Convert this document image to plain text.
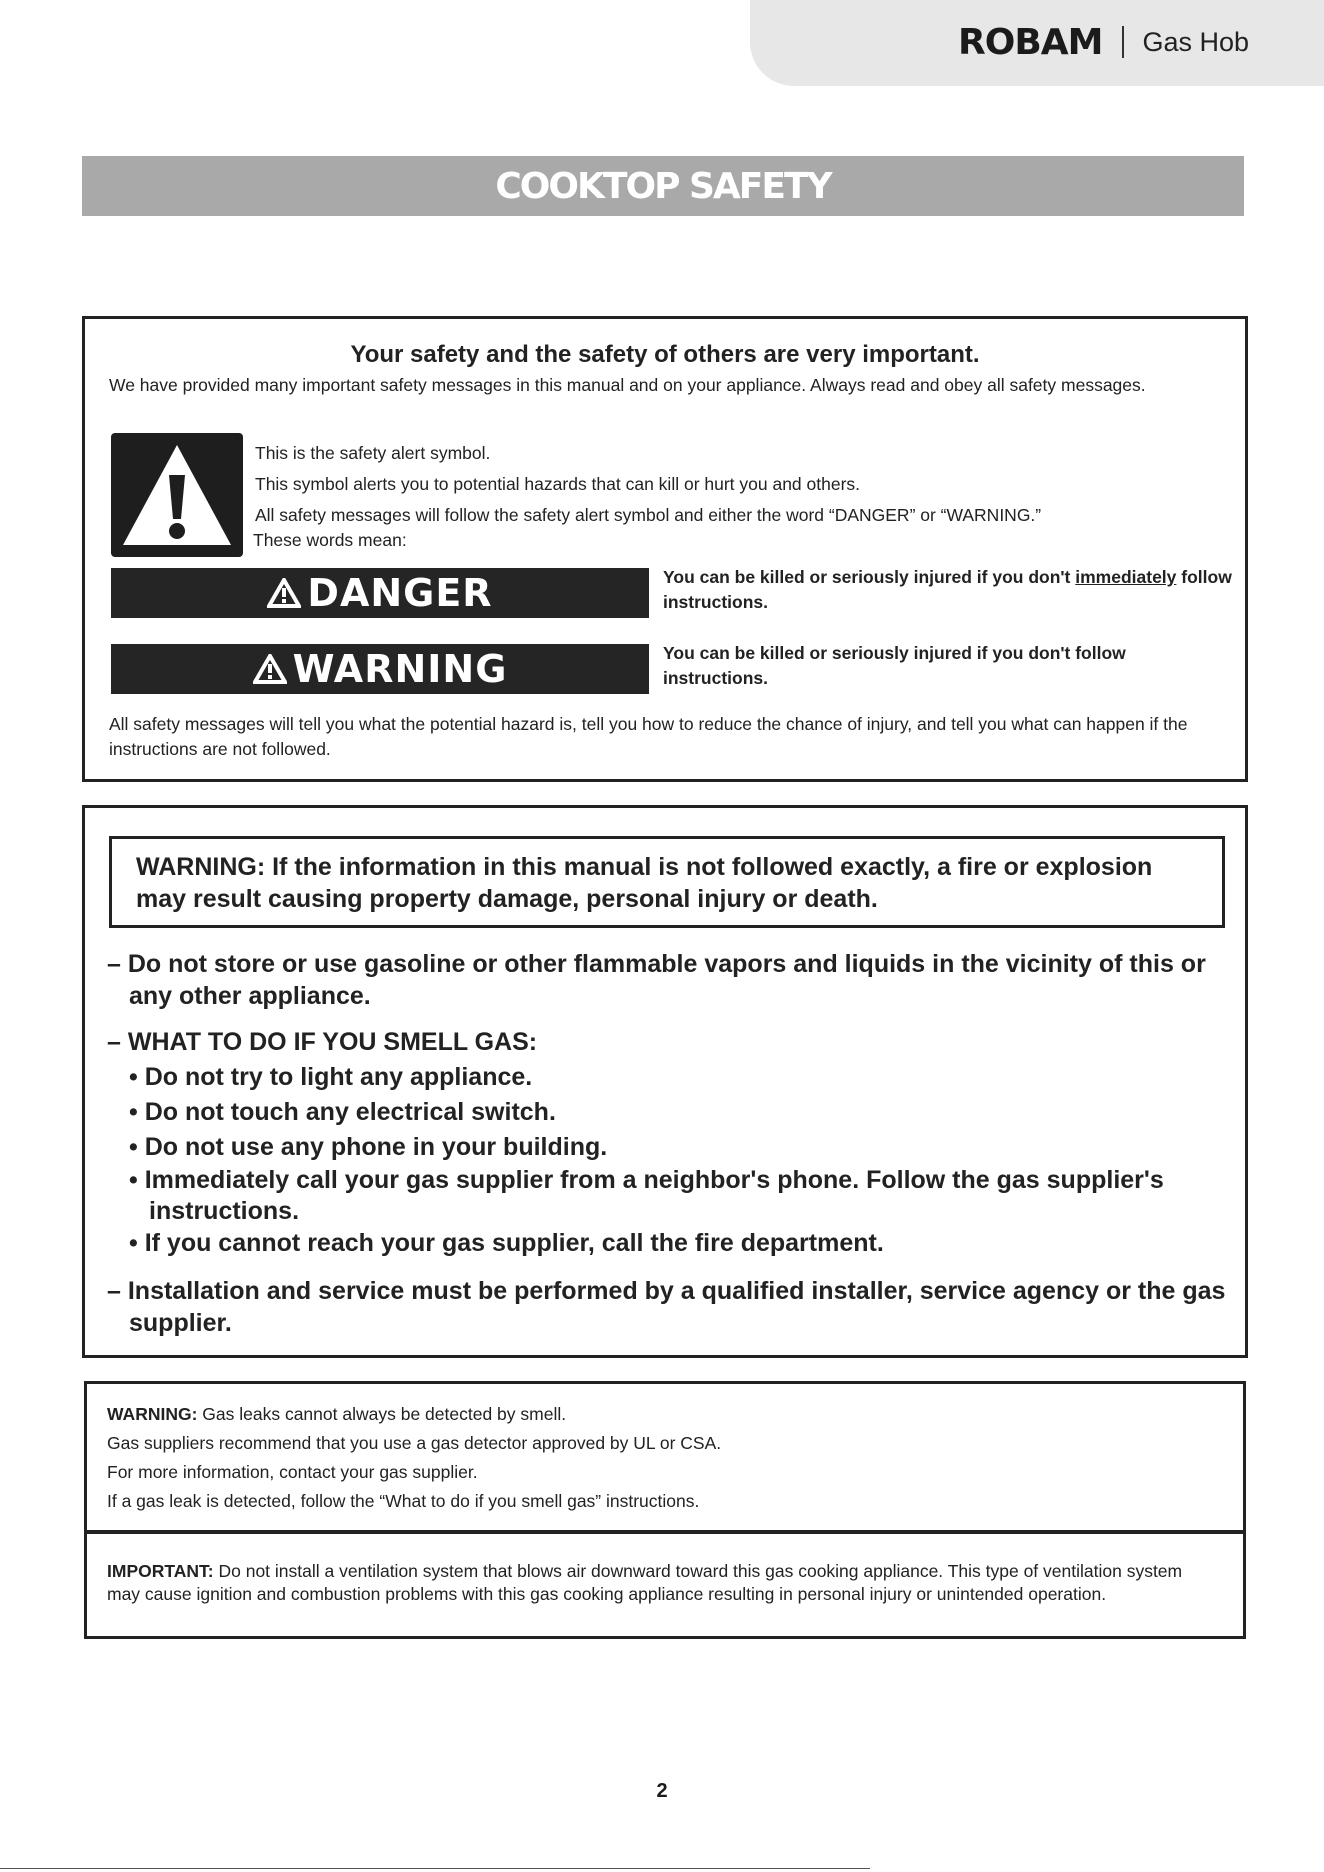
ROBAM Gas Hob
COOKTOP SAFETY
Your safety and the safety of others are very important.
We have provided many important safety messages in this manual and on your appliance. Always read and obey all safety messages.
This is the safety alert symbol.
This symbol alerts you to potential hazards that can kill or hurt you and others.
All safety messages will follow the safety alert symbol and either the word “DANGER” or “WARNING.”
These words mean:
DANGER	You can be killed or seriously injured if you don't immediately follow instructions.
WARNING	You can be killed or seriously injured if you don't follow instructions.
All safety messages will tell you what the potential hazard is, tell you how to reduce the chance of injury, and tell you what can happen if the instructions are not followed.
WARNING: If the information in this manual is not followed exactly, a fire or explosion may result causing property damage, personal injury or death.
– Do not store or use gasoline or other flammable vapors and liquids in the vicinity of this or any other appliance.
– WHAT TO DO IF YOU SMELL GAS:
• Do not try to light any appliance.
• Do not touch any electrical switch.
• Do not use any phone in your building.
• Immediately call your gas supplier from a neighbor's phone. Follow the gas supplier's instructions.
• If you cannot reach your gas supplier, call the fire department.
– Installation and service must be performed by a qualified installer, service agency or the gas supplier.
WARNING: Gas leaks cannot always be detected by smell.
Gas suppliers recommend that you use a gas detector approved by UL or CSA.
For more information, contact your gas supplier.
If a gas leak is detected, follow the “What to do if you smell gas” instructions.
IMPORTANT: Do not install a ventilation system that blows air downward toward this gas cooking appliance. This type of ventilation system may cause ignition and combustion problems with this gas cooking appliance resulting in personal injury or unintended operation.
2
